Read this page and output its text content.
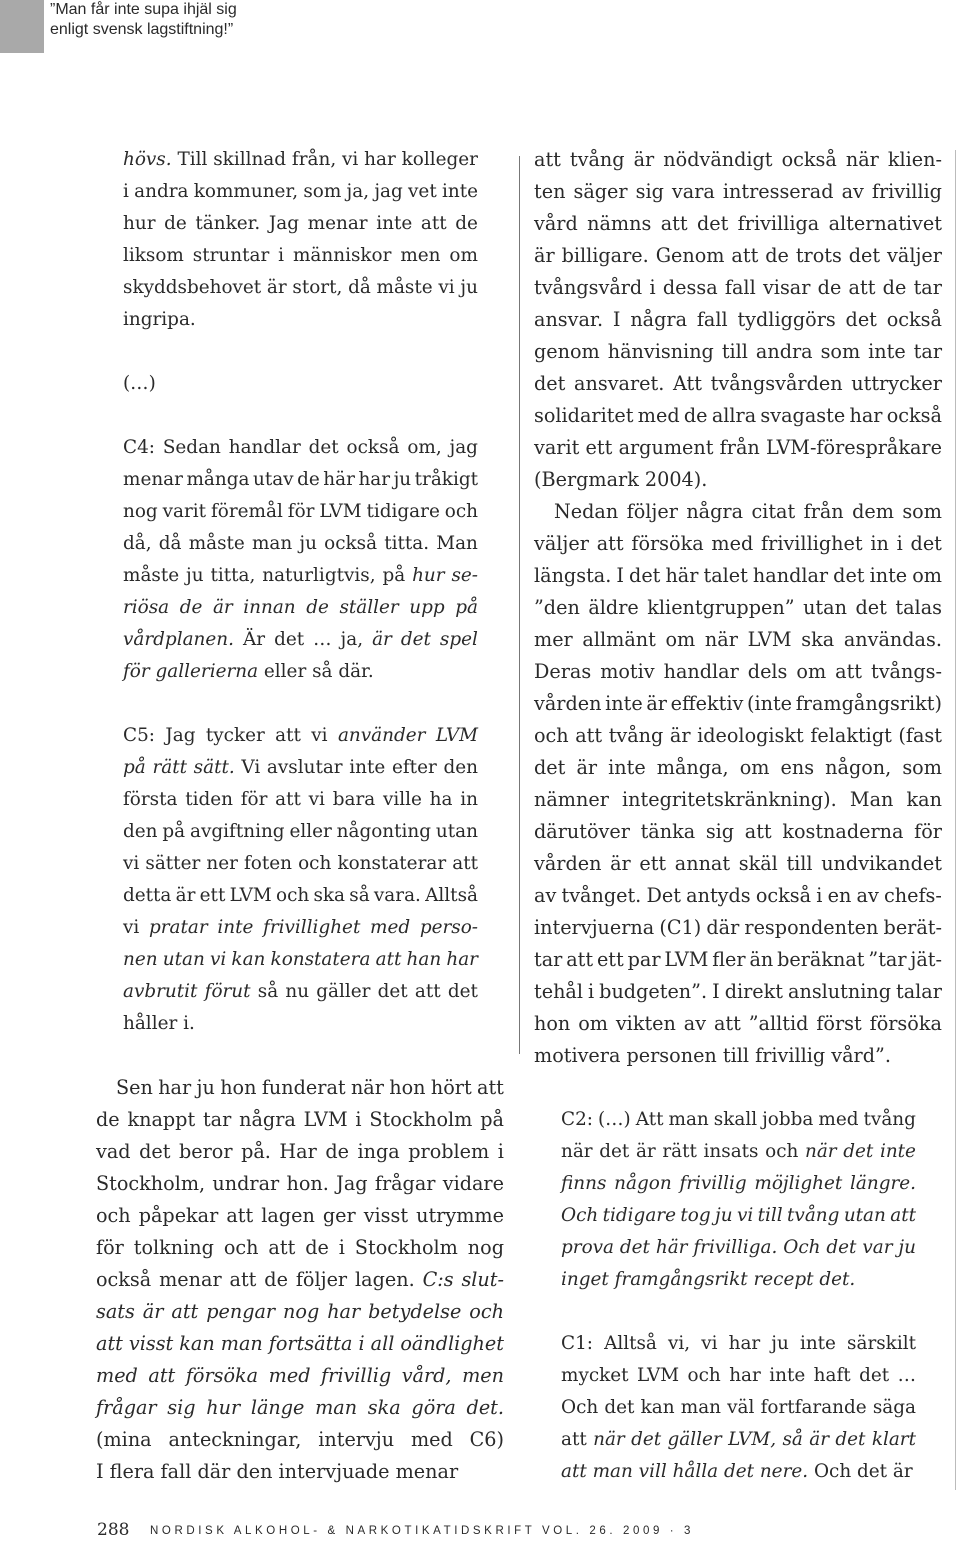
”Man får inte supa ihjäl sig
enligt svensk lagstiftning!”
hövs. Till skillnad från, vi har kolleger
i andra kommuner, som ja, jag vet inte
hur de tänker. Jag menar inte att de
liksom struntar i människor men om
skyddsbehovet är stort, då måste vi ju
ingripa.
(…)
C4: Sedan handlar det också om, jag
menar många utav de här har ju tråkigt
nog varit föremål för LVM tidigare och
då, då måste man ju också titta. Man
måste ju titta, naturligtvis, på hur se-
riösa de är innan de ställer upp på
vårdplanen. Är det … ja, är det spel
för gallerierna eller så där.
C5: Jag tycker att vi använder LVM
på rätt sätt. Vi avslutar inte efter den
första tiden för att vi bara ville ha in
den på avgiftning eller någonting utan
vi sätter ner foten och konstaterar att
detta är ett LVM och ska så vara. Alltså
vi pratar inte frivillighet med perso-
nen utan vi kan konstatera att han har
avbrutit förut så nu gäller det att det
håller i.
Sen har ju hon funderat när hon hört att
de knappt tar några LVM i Stockholm på
vad det beror på. Har de inga problem i
Stockholm, undrar hon. Jag frågar vidare
och påpekar att lagen ger visst utrymme
för tolkning och att de i Stockholm nog
också menar att de följer lagen. C:s slut-
sats är att pengar nog har betydelse och
att visst kan man fortsätta i all oändlighet
med att försöka med frivillig vård, men
frågar sig hur länge man ska göra det.
(mina anteckningar, intervju med C6)
I flera fall där den intervjuade menar
att tvång är nödvändigt också när klien-
ten säger sig vara intresserad av frivillig
vård nämns att det frivilliga alternativet
är billigare. Genom att de trots det väljer
tvångsvård i dessa fall visar de att de tar
ansvar. I några fall tydliggörs det också
genom hänvisning till andra som inte tar
det ansvaret. Att tvångsvården uttrycker
solidaritet med de allra svagaste har också
varit ett argument från LVM-förespråkare
(Bergmark 2004).
Nedan följer några citat från dem som
väljer att försöka med frivillighet in i det
längsta. I det här talet handlar det inte om
”den äldre klientgruppen” utan det talas
mer allmänt om när LVM ska användas.
Deras motiv handlar dels om att tvångs-
vården inte är effektiv (inte framgångsrikt)
och att tvång är ideologiskt felaktigt (fast
det är inte många, om ens någon, som
nämner integritetskränkning). Man kan
därutöver tänka sig att kostnaderna för
vården är ett annat skäl till undvikandet
av tvånget. Det antyds också i en av chefs-
intervjuerna (C1) där respondenten berät-
tar att ett par LVM fler än beräknat ”tar jät-
tehål i budgeten”. I direkt anslutning talar
hon om vikten av att ”alltid först försöka
motivera personen till frivillig vård”.
C2: (…) Att man skall jobba med tvång
när det är rätt insats och när det inte
finns någon frivillig möjlighet längre.
Och tidigare tog ju vi till tvång utan att
prova det här frivilliga. Och det var ju
inget framgångsrikt recept det.
C1: Alltså vi, vi har ju inte särskilt
mycket LVM och har inte haft det …
Och det kan man väl fortfarande säga
att när det gäller LVM, så är det klart
att man vill hålla det nere. Och det är
288 NORDISK ALKOHOL- & NARKOTIKATIDSKRIFT VOL. 26. 2009 · 3
